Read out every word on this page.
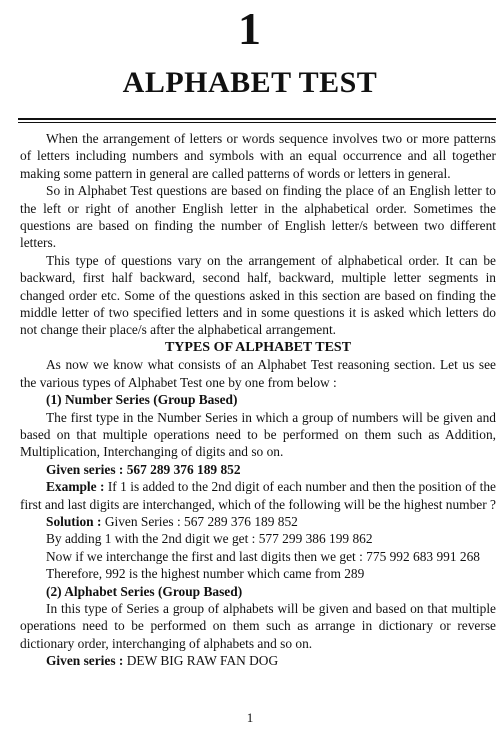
1
ALPHABET TEST

When the arrangement of letters or words sequence involves two or more patterns of letters including numbers and symbols with an equal occurrence and all together making some pattern in general are called patterns of words or letters in general.

So in Alphabet Test questions are based on finding the place of an English letter to the left or right of another English letter in the alphabetical order. Sometimes the questions are based on finding the number of English letter/s between two different letters.

This type of questions vary on the arrangement of alphabetical order. It can be backward, first half backward, second half, backward, multiple letter segments in changed order etc. Some of the questions asked in this section are based on finding the middle letter of two specified letters and in some questions it is asked which letters do not change their place/s after the alphabetical arrangement.

TYPES OF ALPHABET TEST

As now we know what consists of an Alphabet Test reasoning section. Let us see the various types of Alphabet Test one by one from below :

(1) Number Series (Group Based)

The first type in the Number Series in which a group of numbers will be given and based on that multiple operations need to be performed on them such as Addition, Multiplication, Interchanging of digits and so on.

Given series : 567 289 376 189 852

Example : If 1 is added to the 2nd digit of each number and then the position of the first and last digits are interchanged, which of the following will be the highest number ?

Solution : Given Series : 567 289 376 189 852
By adding 1 with the 2nd digit we get : 577 299 386 199 862
Now if we interchange the first and last digits then we get : 775 992 683 991 268
Therefore, 992 is the highest number which came from 289
(2) Alphabet Series (Group Based)

In this type of Series a group of alphabets will be given and based on that multiple operations need to be performed on them such as arrange in dictionary or reverse dictionary order, interchanging of alphabets and so on.

Given series : DEW BIG RAW FAN DOG
1
